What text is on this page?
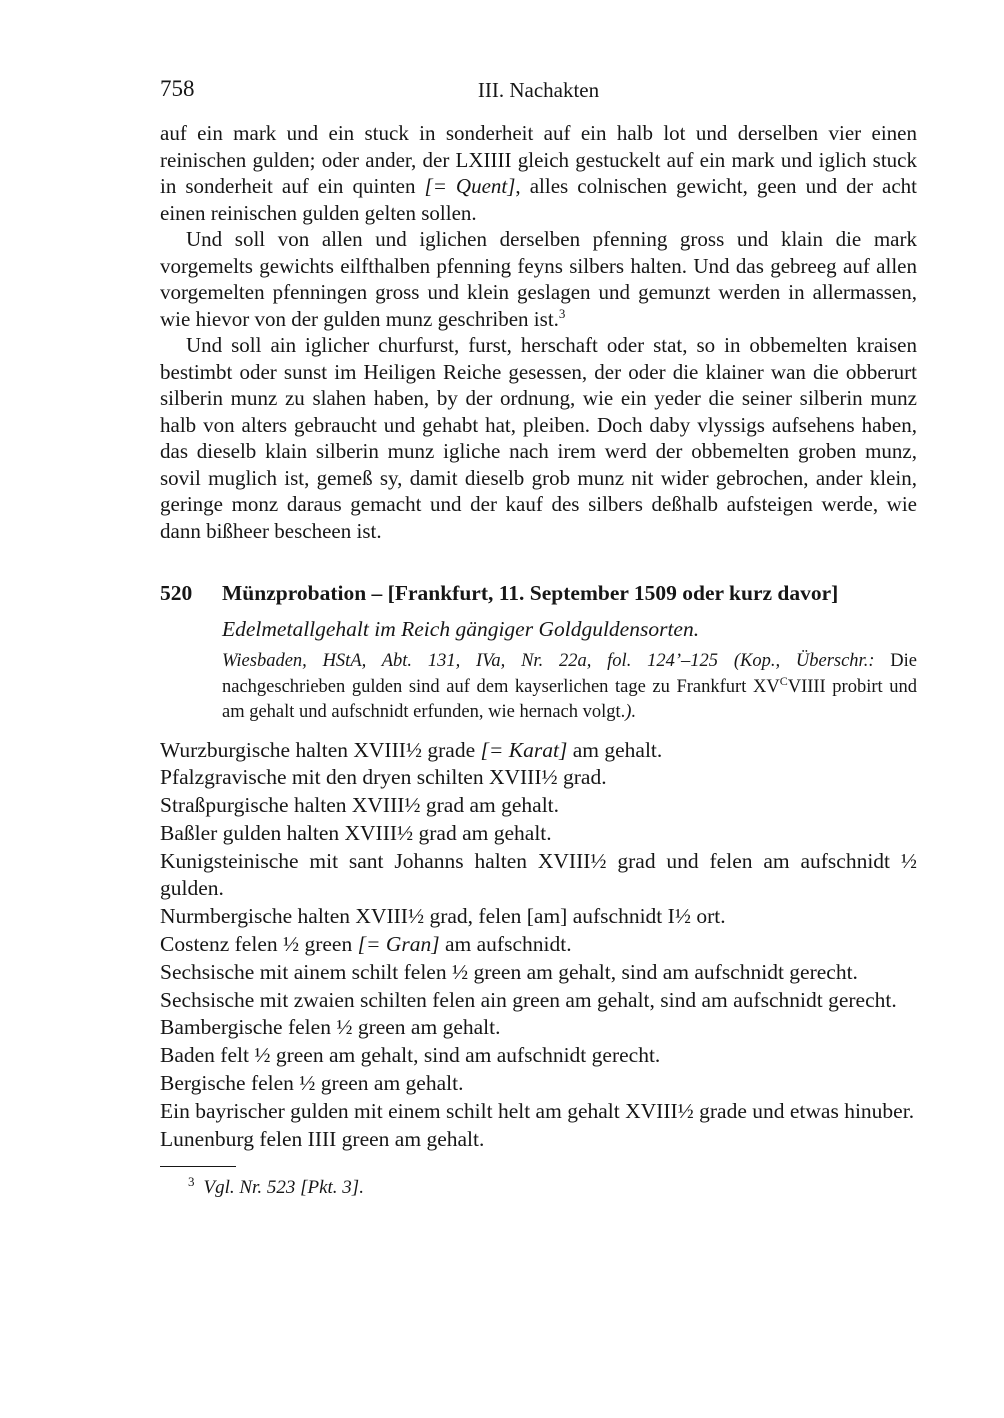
758	III. Nachakten

auf ein mark und ein stuck in sonderheit auf ein halb lot und derselben vier einen reinischen gulden; oder ander, der LXIIII gleich gestuckelt auf ein mark und iglich stuck in sonderheit auf ein quinten [= Quent], alles colnischen gewicht, geen und der acht einen reinischen gulden gelten sollen.

Und soll von allen und iglichen derselben pfenning gross und klain die mark vorgemelts gewichts eilfthalben pfenning feyns silbers halten. Und das gebreeg auf allen vorgemelten pfenningen gross und klein geslagen und gemunzt werden in allermassen, wie hievor von der gulden munz geschriben ist.$^3$

Und soll ain iglicher churfurst, furst, herschaft oder stat, so in obbemelten kraisen bestimbt oder sunst im Heiligen Reiche gesessen, der oder die klainer wan die obberurt silberin munz zu slahen haben, by der ordnung, wie ein yeder die seiner silberin munz halb von alters gebraucht und gehabt hat, pleiben. Doch daby vlyssigs aufsehens haben, das dieselb klain silberin munz igliche nach irem werd der obbemelten groben munz, sovil muglich ist, gemeß sy, damit dieselb grob munz nit wider gebrochen, ander klein, geringe monz daraus gemacht und der kauf des silbers deßhalb aufsteigen werde, wie dann bißheer bescheen ist.

520	Münzprobation – [Frankfurt, 11. September 1509 oder kurz davor]

Edelmetallgehalt im Reich gängiger Goldguldensorten.

Wiesbaden, HStA, Abt. 131, IVa, Nr. 22a, fol. 124’–125 (Kop., Überschr.: Die nachgeschrieben gulden sind auf dem kayserlichen tage zu Frankfurt $XV^CVIIII$ probirt und am gehalt und aufschnidt erfunden, wie hernach volgt.).

Wurzburgische halten XVIII½ grade [= Karat] am gehalt.

Pfalzgravische mit den dryen schilten XVIII½ grad.

Straßpurgische halten XVIII½ grad am gehalt.

Baßler gulden halten XVIII½ grad am gehalt.

Kunigsteinische mit sant Johanns halten XVIII½ grad und felen am aufschnidt ½ gulden.

Nurmbergische halten XVIII½ grad, felen [am] aufschnidt I½ ort.

Costenz felen ½ green [= Gran] am aufschnidt.

Sechsische mit ainem schilt felen ½ green am gehalt, sind am aufschnidt gerecht.

Sechsische mit zwaien schilten felen ain green am gehalt, sind am aufschnidt gerecht.

Bambergische felen ½ green am gehalt.

Baden felt ½ green am gehalt, sind am aufschnidt gerecht.

Bergische felen ½ green am gehalt.

Ein bayrischer gulden mit einem schilt helt am gehalt XVIII½ grade und etwas hinuber.

Lunenburg felen IIII green am gehalt.

$^3$ Vgl. Nr. 523 [Pkt. 3].
